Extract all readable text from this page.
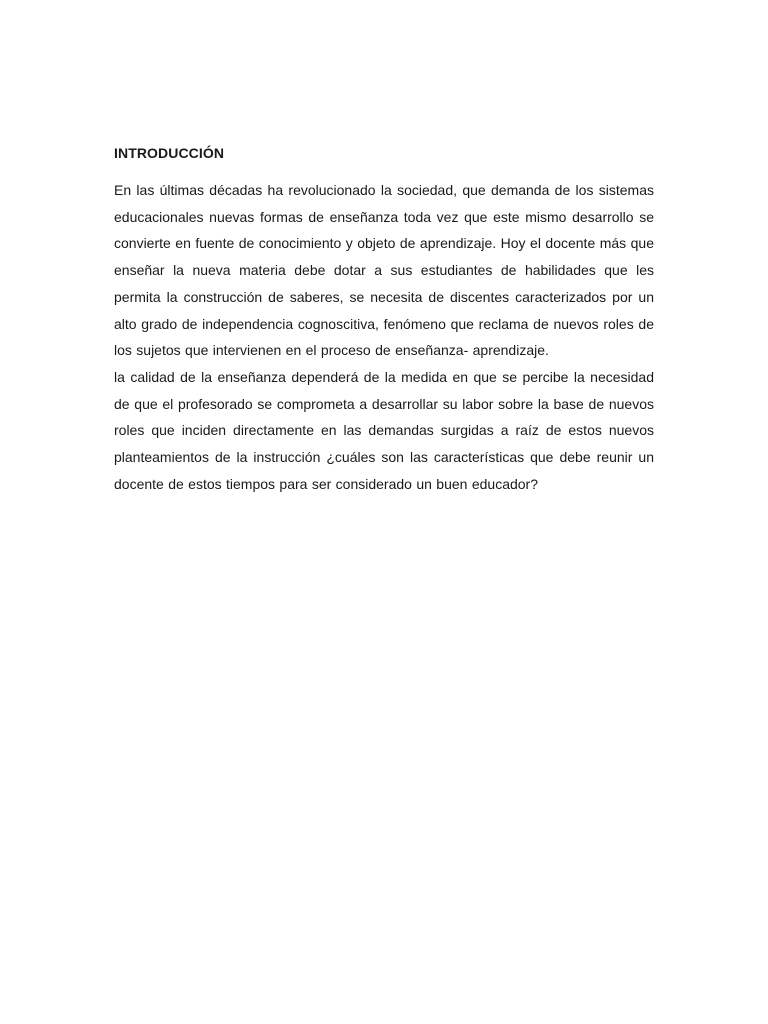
INTRODUCCIÓN

En las últimas décadas ha revolucionado la sociedad, que demanda de los sistemas educacionales nuevas formas de enseñanza toda vez que este mismo desarrollo se convierte en fuente de conocimiento y objeto de aprendizaje. Hoy el docente más que enseñar la nueva materia debe dotar a sus estudiantes de habilidades que les permita la construcción de saberes, se necesita de discentes caracterizados por un alto grado de independencia cognoscitiva, fenómeno que reclama de nuevos roles de los sujetos que intervienen en el proceso de enseñanza- aprendizaje.

la calidad de la enseñanza dependerá de la medida en que se percibe la necesidad de que el profesorado se comprometa a desarrollar su labor sobre la base de nuevos roles que inciden directamente en las demandas surgidas a raíz de estos nuevos planteamientos de la instrucción ¿cuáles son las características que debe reunir un docente de estos tiempos para ser considerado un buen educador?
